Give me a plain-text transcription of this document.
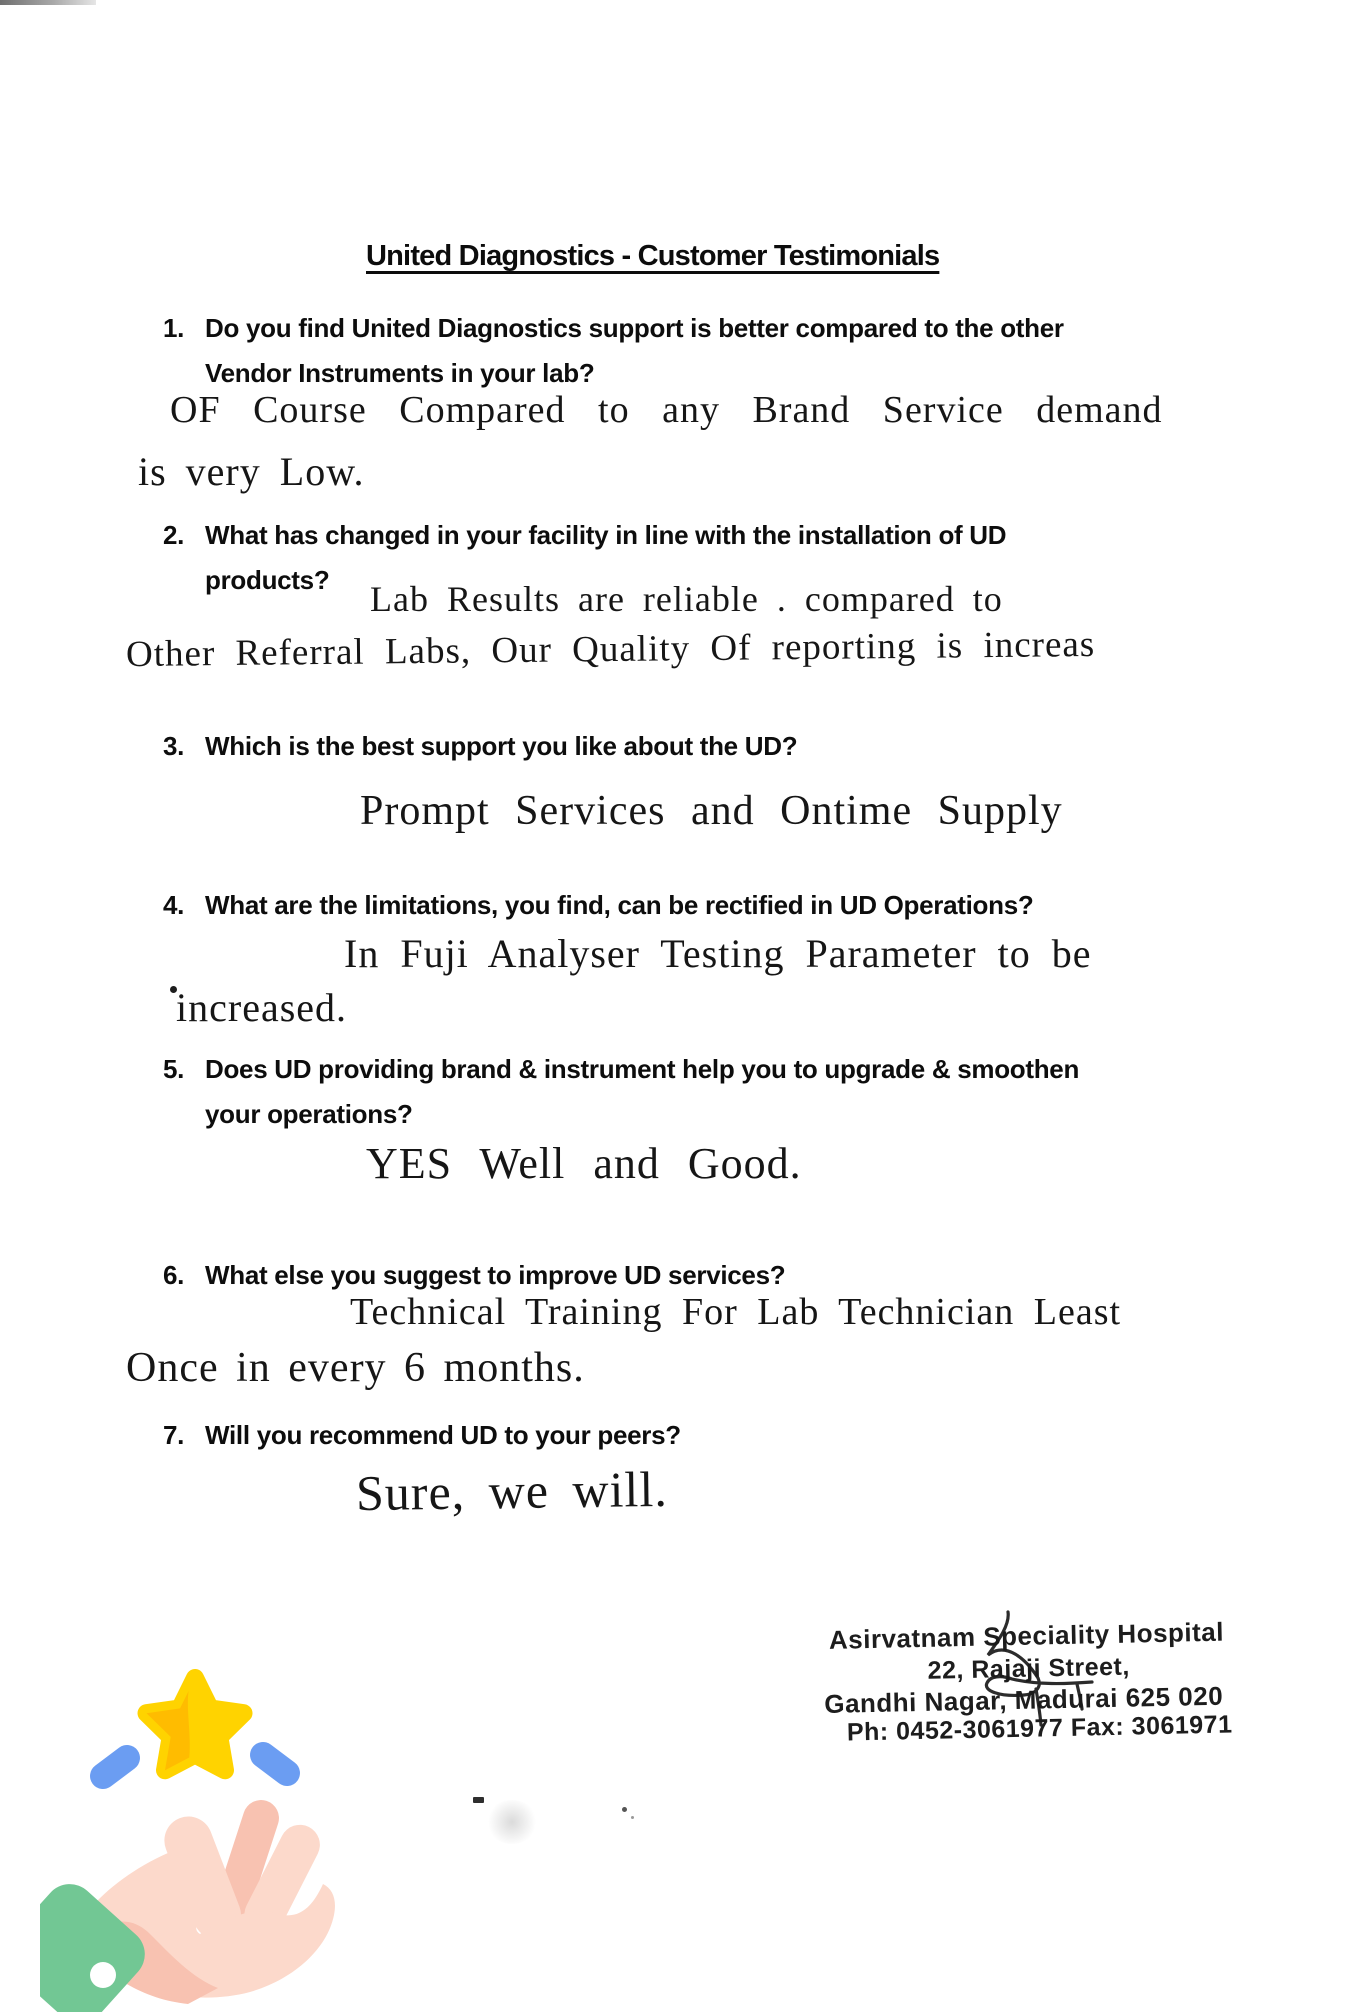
United Diagnostics - Customer Testimonials
1. Do you find United Diagnostics support is better compared to the other
Vendor Instruments in your lab?
OF Course Compared to any Brand Service demand
is very Low.
2. What has changed in your facility in line with the installation of UD
products? Lab Results are reliable . compared to
Other Referral Labs, Our Quality Of reporting is increas
3. Which is the best support you like about the UD?
Prompt Services and Ontime Supply
4. What are the limitations, you find, can be rectified in UD Operations?
In Fuji Analyser Testing Parameter to be
increased.
5. Does UD providing brand & instrument help you to upgrade & smoothen
your operations?
YES Well and Good.
6. What else you suggest to improve UD services?
Technical Training For Lab Technician Least
Once in every 6 months.
7. Will you recommend UD to your peers?
Sure, we will.
Asirvatnam Speciality Hospital
22, Rajaji Street,
Gandhi Nagar, Madurai 625 020
Ph: 0452-3061977 Fax: 3061971
